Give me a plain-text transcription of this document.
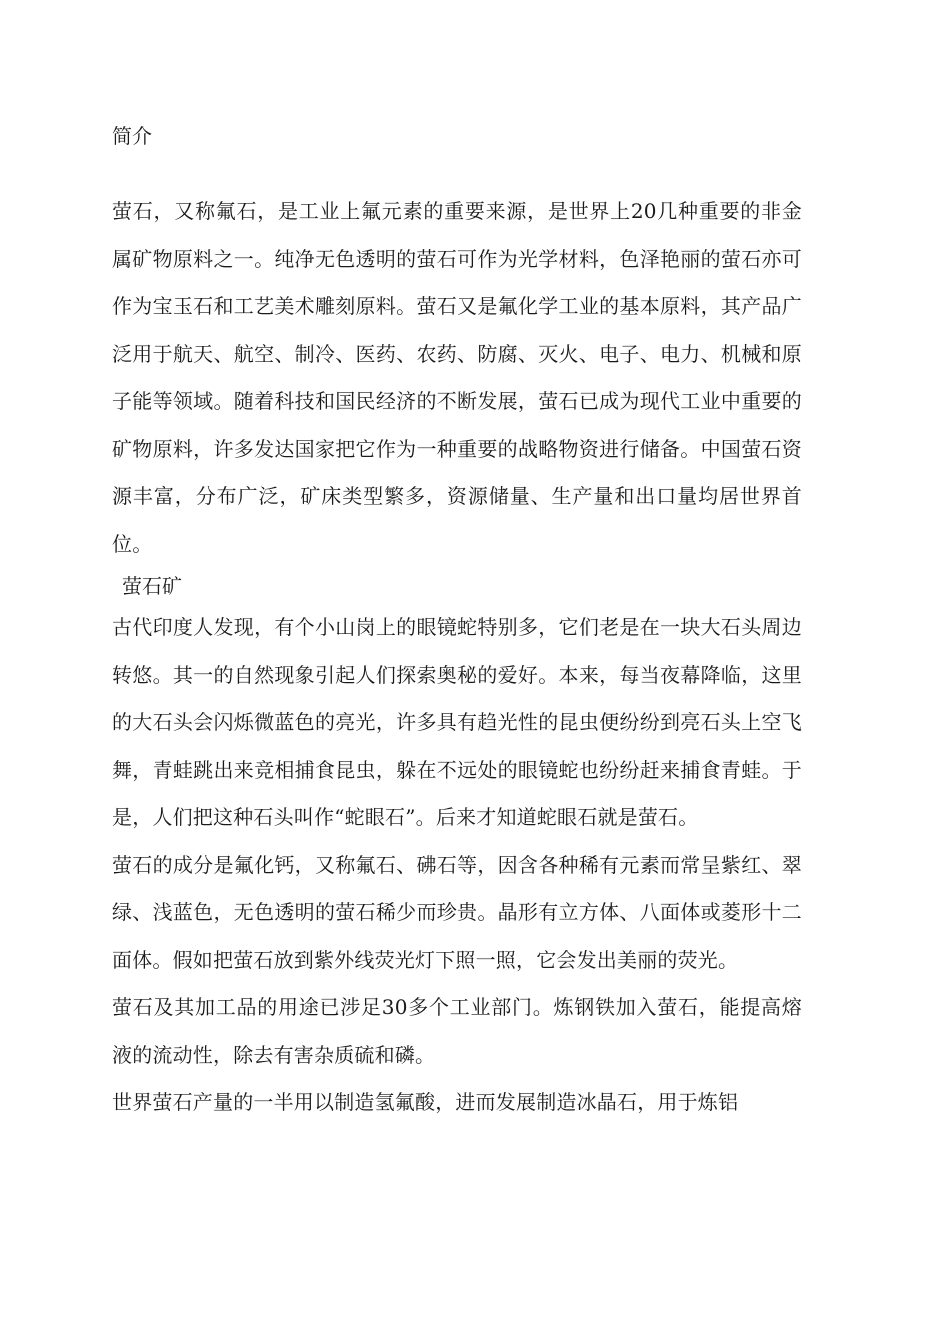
简介

萤石，又称氟石，是工业上氟元素的重要来源，是世界上20几种重要的非金属矿物原料之一。纯净无色透明的萤石可作为光学材料，色泽艳丽的萤石亦可作为宝玉石和工艺美术雕刻原料。萤石又是氟化学工业的基本原料，其产品广泛用于航天、航空、制冷、医药、农药、防腐、灭火、电子、电力、机械和原子能等领域。随着科技和国民经济的不断发展，萤石已成为现代工业中重要的矿物原料，许多发达国家把它作为一种重要的战略物资进行储备。中国萤石资源丰富，分布广泛，矿床类型繁多，资源储量、生产量和出口量均居世界首位。

萤石矿

古代印度人发现，有个小山岗上的眼镜蛇特别多，它们老是在一块大石头周边转悠。其一的自然现象引起人们探索奥秘的爱好。本来，每当夜幕降临，这里的大石头会闪烁微蓝色的亮光，许多具有趋光性的昆虫便纷纷到亮石头上空飞舞，青蛙跳出来竞相捕食昆虫，躲在不远处的眼镜蛇也纷纷赶来捕食青蛙。于是，人们把这种石头叫作“蛇眼石”。后来才知道蛇眼石就是萤石。

萤石的成分是氟化钙，又称氟石、砩石等，因含各种稀有元素而常呈紫红、翠绿、浅蓝色，无色透明的萤石稀少而珍贵。晶形有立方体、八面体或菱形十二面体。假如把萤石放到紫外线荧光灯下照一照，它会发出美丽的荧光。

萤石及其加工品的用途已涉足30多个工业部门。炼钢铁加入萤石，能提高熔液的流动性，除去有害杂质硫和磷。

世界萤石产量的一半用以制造氢氟酸，进而发展制造冰晶石，用于炼铝
